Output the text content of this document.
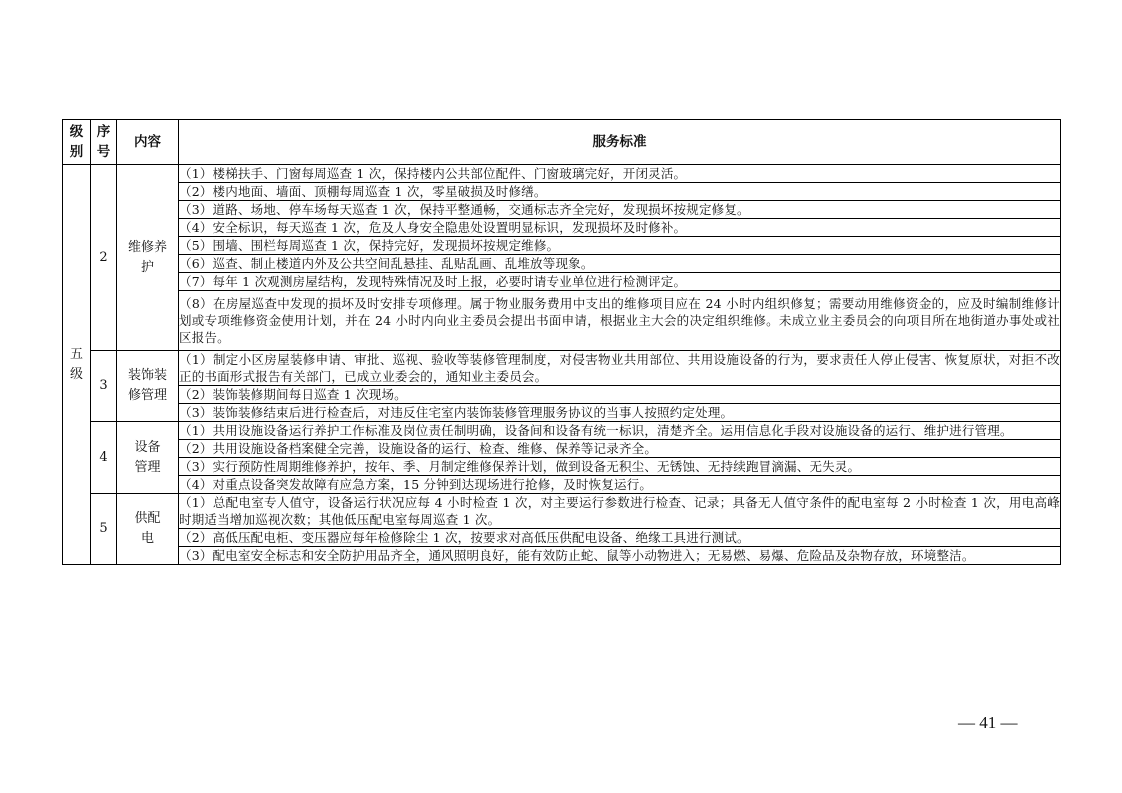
级别	序号	内容	服务标准
五级	2	维修养护	（1）楼梯扶手、门窗每周巡查 1 次，保持楼内公共部位配件、门窗玻璃完好，开闭灵活。
			（2）楼内地面、墙面、顶棚每周巡查 1 次，零星破损及时修缮。
			（3）道路、场地、停车场每天巡查 1 次，保持平整通畅，交通标志齐全完好，发现损坏按规定修复。
			（4）安全标识，每天巡查 1 次，危及人身安全隐患处设置明显标识，发现损坏及时修补。
			（5）围墙、围栏每周巡查 1 次，保持完好，发现损坏按规定维修。
			（6）巡查、制止楼道内外及公共空间乱悬挂、乱贴乱画、乱堆放等现象。
			（7）每年 1 次观测房屋结构，发现特殊情况及时上报，必要时请专业单位进行检测评定。
			（8）在房屋巡查中发现的损坏及时安排专项修理。属于物业服务费用中支出的维修项目应在 24 小时内组织修复；需要动用维修资金的，应及时编制维修计划或专项维修资金使用计划，并在 24 小时内向业主委员会提出书面申请，根据业主大会的决定组织维修。未成立业主委员会的向项目所在地街道办事处或社区报告。
	3	装饰装修管理	（1）制定小区房屋装修申请、审批、巡视、验收等装修管理制度，对侵害物业共用部位、共用设施设备的行为，要求责任人停止侵害、恢复原状，对拒不改正的书面形式报告有关部门，已成立业委会的，通知业主委员会。
			（2）装饰装修期间每日巡查 1 次现场。
			（3）装饰装修结束后进行检查后，对违反住宅室内装饰装修管理服务协议的当事人按照约定处理。
	4	设备管理	（1）共用设施设备运行养护工作标准及岗位责任制明确，设备间和设备有统一标识，清楚齐全。运用信息化手段对设施设备的运行、维护进行管理。
			（2）共用设施设备档案健全完善，设施设备的运行、检查、维修、保养等记录齐全。
			（3）实行预防性周期维修养护，按年、季、月制定维修保养计划，做到设备无积尘、无锈蚀、无持续跑冒滴漏、无失灵。
			（4）对重点设备突发故障有应急方案，15 分钟到达现场进行抢修，及时恢复运行。
	5	供配电	（1）总配电室专人值守，设备运行状况应每 4 小时检查 1 次，对主要运行参数进行检查、记录；具备无人值守条件的配电室每 2 小时检查 1 次，用电高峰时期适当增加巡视次数；其他低压配电室每周巡查 1 次。
			（2）高低压配电柜、变压器应每年检修除尘 1 次，按要求对高低压供配电设备、绝缘工具进行测试。
			（3）配电室安全标志和安全防护用品齐全，通风照明良好，能有效防止蛇、鼠等小动物进入；无易燃、易爆、危险品及杂物存放，环境整洁。
— 41 —
